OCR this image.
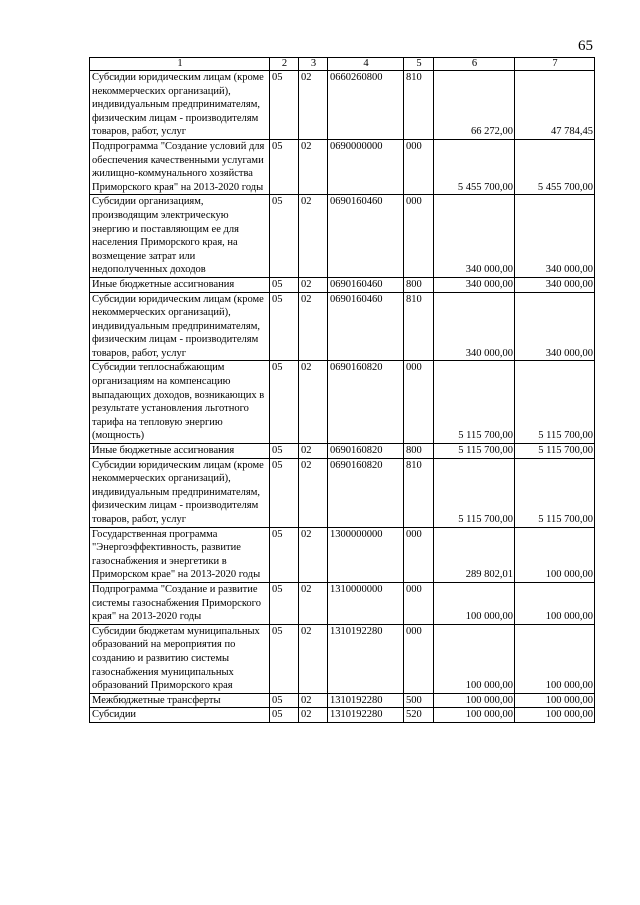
65
1	2	3	4	5	6	7
Субсидии юридическим лицам (кроме некоммерческих организаций), индивидуальным предпринимателям, физическим лицам - производителям товаров, работ, услуг	05	02	0660260800	810	66 272,00	47 784,45
Подпрограмма "Создание условий для обеспечения качественными услугами жилищно-коммунального хозяйства Приморского края" на 2013-2020 годы	05	02	0690000000	000	5 455 700,00	5 455 700,00
Субсидии организациям, производящим электрическую энергию и поставляющим ее для населения Приморского края, на возмещение затрат или недополученных доходов	05	02	0690160460	000	340 000,00	340 000,00
Иные бюджетные ассигнования	05	02	0690160460	800	340 000,00	340 000,00
Субсидии юридическим лицам (кроме некоммерческих организаций), индивидуальным предпринимателям, физическим лицам - производителям товаров, работ, услуг	05	02	0690160460	810	340 000,00	340 000,00
Субсидии теплоснабжающим организациям на компенсацию выпадающих доходов, возникающих в результате установления льготного тарифа на тепловую энергию (мощность)	05	02	0690160820	000	5 115 700,00	5 115 700,00
Иные бюджетные ассигнования	05	02	0690160820	800	5 115 700,00	5 115 700,00
Субсидии юридическим лицам (кроме некоммерческих организаций), индивидуальным предпринимателям, физическим лицам - производителям товаров, работ, услуг	05	02	0690160820	810	5 115 700,00	5 115 700,00
Государственная программа "Энергоэффективность, развитие газоснабжения и энергетики в Приморском крае" на 2013-2020 годы	05	02	1300000000	000	289 802,01	100 000,00
Подпрограмма "Создание и развитие системы газоснабжения Приморского края" на 2013-2020 годы	05	02	1310000000	000	100 000,00	100 000,00
Субсидии бюджетам муниципальных образований на мероприятия по созданию и развитию системы газоснабжения муниципальных образований Приморского края	05	02	1310192280	000	100 000,00	100 000,00
Межбюджетные трансферты	05	02	1310192280	500	100 000,00	100 000,00
Субсидии	05	02	1310192280	520	100 000,00	100 000,00
